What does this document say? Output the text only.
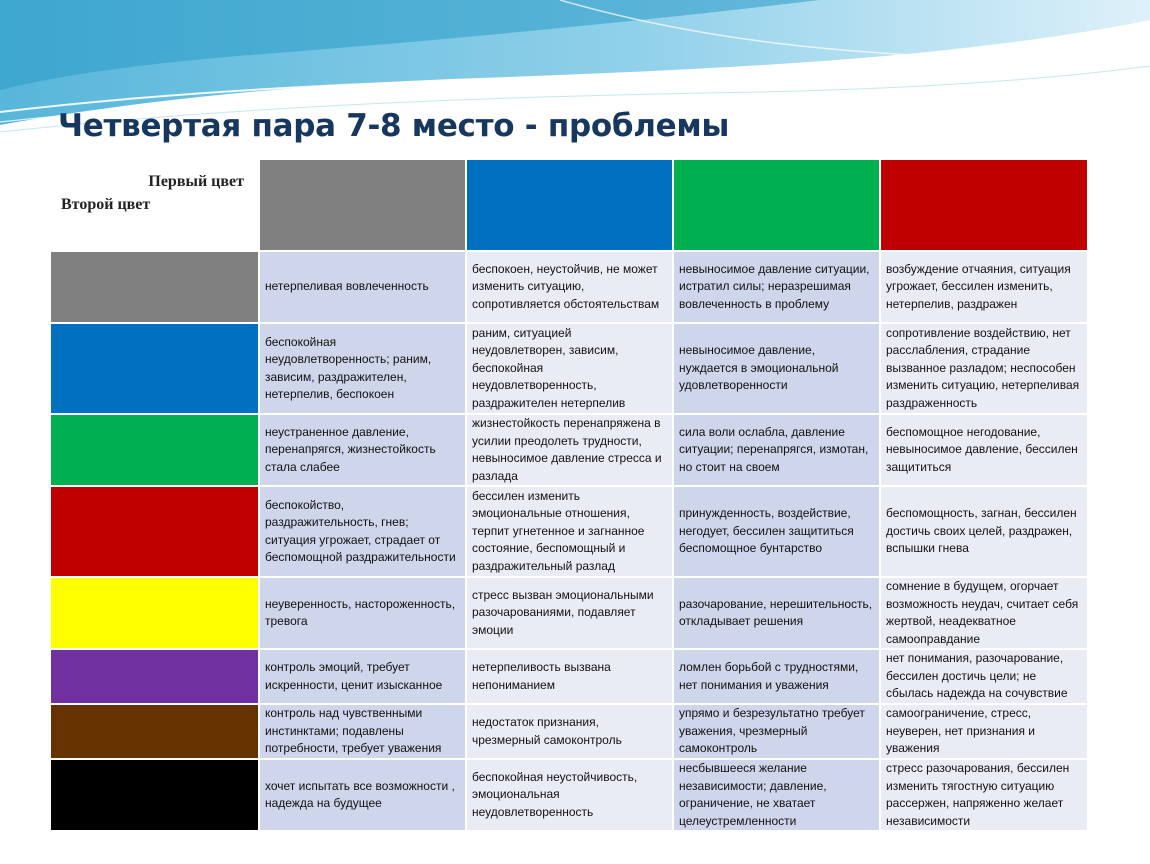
Четвертая пара 7-8 место - проблемы
Первый цвет
Второй цвет				

	нетерпеливая вовлеченность	беспокоен, неустойчив, не может изменить ситуацию, сопротивляется обстоятельствам	невыносимое давление ситуации, истратил силы; неразрешимая вовлеченность в проблему	возбуждение отчаяния, ситуация угрожает, бессилен изменить, нетерпелив, раздражен
	беспокойная неудовлетворенность; раним, зависим, раздражителен, нетерпелив, беспокоен	раним, ситуацией неудовлетворен, зависим, беспокойная неудовлетворенность, раздражителен нетерпелив	невыносимое давление, нуждается в эмоциональной удовлетворенности	сопротивление воздействию, нет расслабления, страдание вызванное разладом; неспособен изменить ситуацию, нетерпеливая раздраженность
	неустраненное давление, перенапрягся, жизнестойкость стала слабее	жизнестойкость перенапряжена в усилии преодолеть трудности, невыносимое давление стресса и разлада	сила воли ослабла, давление ситуации; перенапрягся, измотан, но стоит на своем	беспомощное негодование, невыносимое давление, бессилен защититься
	беспокойство, раздражительность, гнев; ситуация угрожает, страдает от беспомощной раздражительности	бессилен изменить эмоциональные отношения, терпит угнетенное и загнанное состояние, беспомощный и раздражительный разлад	принужденность, воздействие, негодует, бессилен защититься беспомощное бунтарство	беспомощность, загнан, бессилен достичь своих целей, раздражен, вспышки гнева
	неуверенность, настороженность, тревога	стресс вызван эмоциональными разочарованиями, подавляет эмоции	разочарование, нерешительность, откладывает решения	сомнение в будущем, огорчает возможность неудач, считает себя жертвой, неадекватное самооправдание
	контроль эмоций, требует искренности, ценит изысканное	нетерпеливость вызвана непониманием	ломлен борьбой с трудностями, нет понимания и уважения	нет понимания, разочарование, бессилен достичь цели; не сбылась надежда на сочувствие
	контроль над чувственными инстинктами; подавлены потребности, требует уважения	недостаток признания, чрезмерный самоконтроль	упрямо и безрезультатно требует уважения, чрезмерный самоконтроль	самоограничение, стресс, неуверен, нет признания и уважения
	хочет испытать все возможности , надежда на будущее	беспокойная неустойчивость, эмоциональная неудовлетворенность	несбывшееся желание независимости; давление, ограничение, не хватает целеустремленности	стресс разочарования, бессилен изменить тягостную ситуацию рассержен, напряженно желает независимости
